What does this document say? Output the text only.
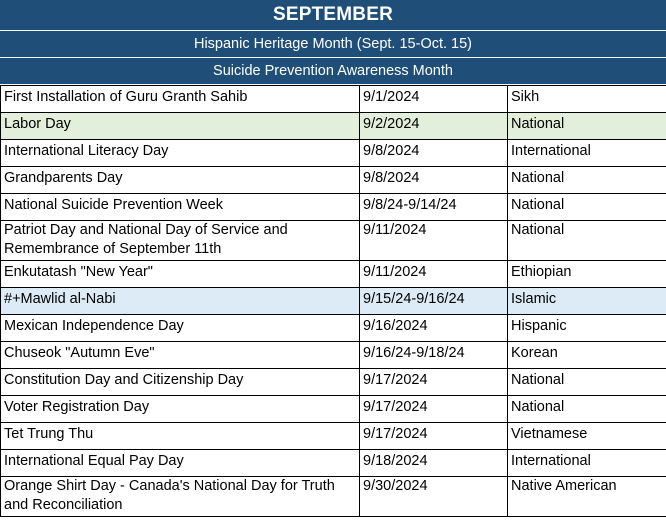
SEPTEMBER
Hispanic Heritage Month (Sept. 15-Oct. 15)
Suicide Prevention Awareness Month
First Installation of Guru Granth Sahib	9/1/2024	Sikh
Labor Day	9/2/2024	National
International Literacy Day	9/8/2024	International
Grandparents Day	9/8/2024	National
National Suicide Prevention Week	9/8/24-9/14/24	National
Patriot Day and National Day of Service and Remembrance of September 11th	9/11/2024	National
Enkutatash "New Year"	9/11/2024	Ethiopian
#+Mawlid al-Nabi	9/15/24-9/16/24	Islamic
Mexican Independence Day	9/16/2024	Hispanic
Chuseok "Autumn Eve"	9/16/24-9/18/24	Korean
Constitution Day and Citizenship Day	9/17/2024	National
Voter Registration Day	9/17/2024	National
Tet Trung Thu	9/17/2024	Vietnamese
International Equal Pay Day	9/18/2024	International
Orange Shirt Day - Canada's National Day for Truth and Reconciliation	9/30/2024	Native American
